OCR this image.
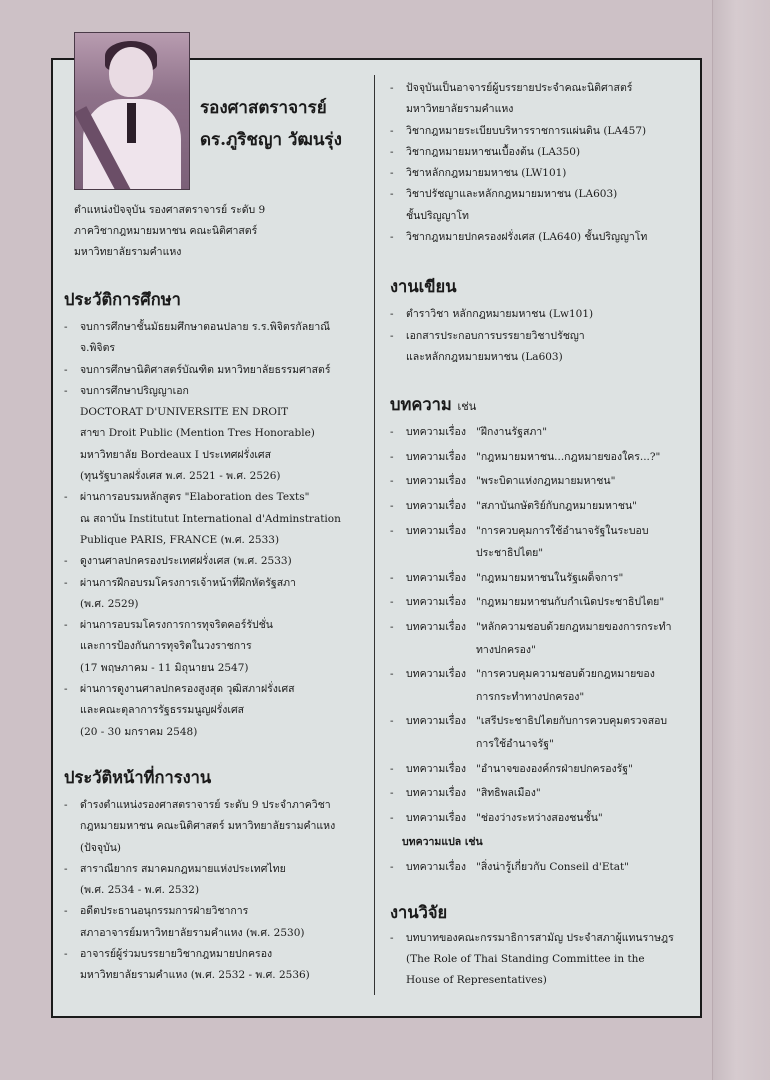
รองศาสตราจารย์
ดร.ภูริชญา วัฒนรุ่ง
ตำแหน่งปัจจุบัน รองศาสตราจารย์ ระดับ 9
ภาควิชากฎหมายมหาชน คณะนิติศาสตร์
มหาวิทยาลัยรามคำแหง
ประวัติการศึกษา
- จบการศึกษาชั้นมัธยมศึกษาตอนปลาย ร.ร.พิจิตรกัลยาณี
จ.พิจิตร
- จบการศึกษานิติศาสตร์บัณฑิต มหาวิทยาลัยธรรมศาสตร์
- จบการศึกษาปริญญาเอก
DOCTORAT D'UNIVERSITE EN DROIT
สาขา Droit Public (Mention Tres Honorable)
มหาวิทยาลัย Bordeaux I ประเทศฝรั่งเศส
(ทุนรัฐบาลฝรั่งเศส พ.ศ. 2521 - พ.ศ. 2526)
- ผ่านการอบรมหลักสูตร "Elaboration des Texts"
ณ สถาบัน Institutut International d'Adminstration
Publique PARIS, FRANCE (พ.ศ. 2533)
- ดูงานศาลปกครองประเทศฝรั่งเศส (พ.ศ. 2533)
- ผ่านการฝึกอบรมโครงการเจ้าหน้าที่ฝึกหัดรัฐสภา
(พ.ศ. 2529)
- ผ่านการอบรมโครงการการทุจริตคอร์รัปชั่น
และการป้องกันการทุจริตในวงราชการ
(17 พฤษภาคม - 11 มิถุนายน 2547)
- ผ่านการดูงานศาลปกครองสูงสุด วุฒิสภาฝรั่งเศส
และคณะตุลาการรัฐธรรมนูญฝรั่งเศส
(20 - 30 มกราคม 2548)
ประวัติหน้าที่การงาน
- ดำรงตำแหน่งรองศาสตราจารย์ ระดับ 9 ประจำภาควิชา
กฎหมายมหาชน คณะนิติศาสตร์ มหาวิทยาลัยรามคำแหง
(ปัจจุบัน)
- สาราณียากร สมาคมกฎหมายแห่งประเทศไทย
(พ.ศ. 2534 - พ.ศ. 2532)
- อดีตประธานอนุกรรมการฝ่ายวิชาการ
สภาอาจารย์มหาวิทยาลัยรามคำแหง (พ.ศ. 2530)
- อาจารย์ผู้ร่วมบรรยายวิชากฎหมายปกครอง
มหาวิทยาลัยรามคำแหง (พ.ศ. 2532 - พ.ศ. 2536)
- ปัจจุบันเป็นอาจารย์ผู้บรรยายประจำคณะนิติศาสตร์
มหาวิทยาลัยรามคำแหง
- วิชากฎหมายระเบียบบริหารราชการแผ่นดิน (LA457)
- วิชากฎหมายมหาชนเบื้องต้น (LA350)
- วิชาหลักกฎหมายมหาชน (LW101)
- วิชาปรัชญาและหลักกฎหมายมหาชน (LA603)
ชั้นปริญญาโท
- วิชากฎหมายปกครองฝรั่งเศส (LA640) ชั้นปริญญาโท
งานเขียน
- ตำราวิชา หลักกฎหมายมหาชน (Lw101)
- เอกสารประกอบการบรรยายวิชาปรัชญา
และหลักกฎหมายมหาชน (La603)
บทความ เช่น
- บทความเรื่อง "ฝึกงานรัฐสภา"
- บทความเรื่อง "กฎหมายมหาชน...กฎหมายของใคร...?"
- บทความเรื่อง "พระบิดาแห่งกฎหมายมหาชน"
- บทความเรื่อง "สภาบันกษัตริย์กับกฎหมายมหาชน"
- บทความเรื่อง "การควบคุมการใช้อำนาจรัฐในระบอบ
ประชาธิปไตย"
- บทความเรื่อง "กฎหมายมหาชนในรัฐเผด็จการ"
- บทความเรื่อง "กฎหมายมหาชนกับกำเนิดประชาธิปไตย"
- บทความเรื่อง "หลักความชอบด้วยกฎหมายของการกระทำ
ทางปกครอง"
- บทความเรื่อง "การควบคุมความชอบด้วยกฎหมายของ
การกระทำทางปกครอง"
- บทความเรื่อง "เสรีประชาธิปไตยกับการควบคุมตรวจสอบ
การใช้อำนาจรัฐ"
- บทความเรื่อง "อำนาจขององค์กรฝ่ายปกครองรัฐ"
- บทความเรื่อง "สิทธิพลเมือง"
- บทความเรื่อง "ช่องว่างระหว่างสองชนชั้น"
บทความแปล เช่น
- บทความเรื่อง "สิ่งน่ารู้เกี่ยวกับ Conseil d'Etat"
งานวิจัย
- บทบาทของคณะกรรมาธิการสามัญ ประจำสภาผู้แทนราษฎร
(The Role of Thai Standing Committee in the
House of Representatives)
